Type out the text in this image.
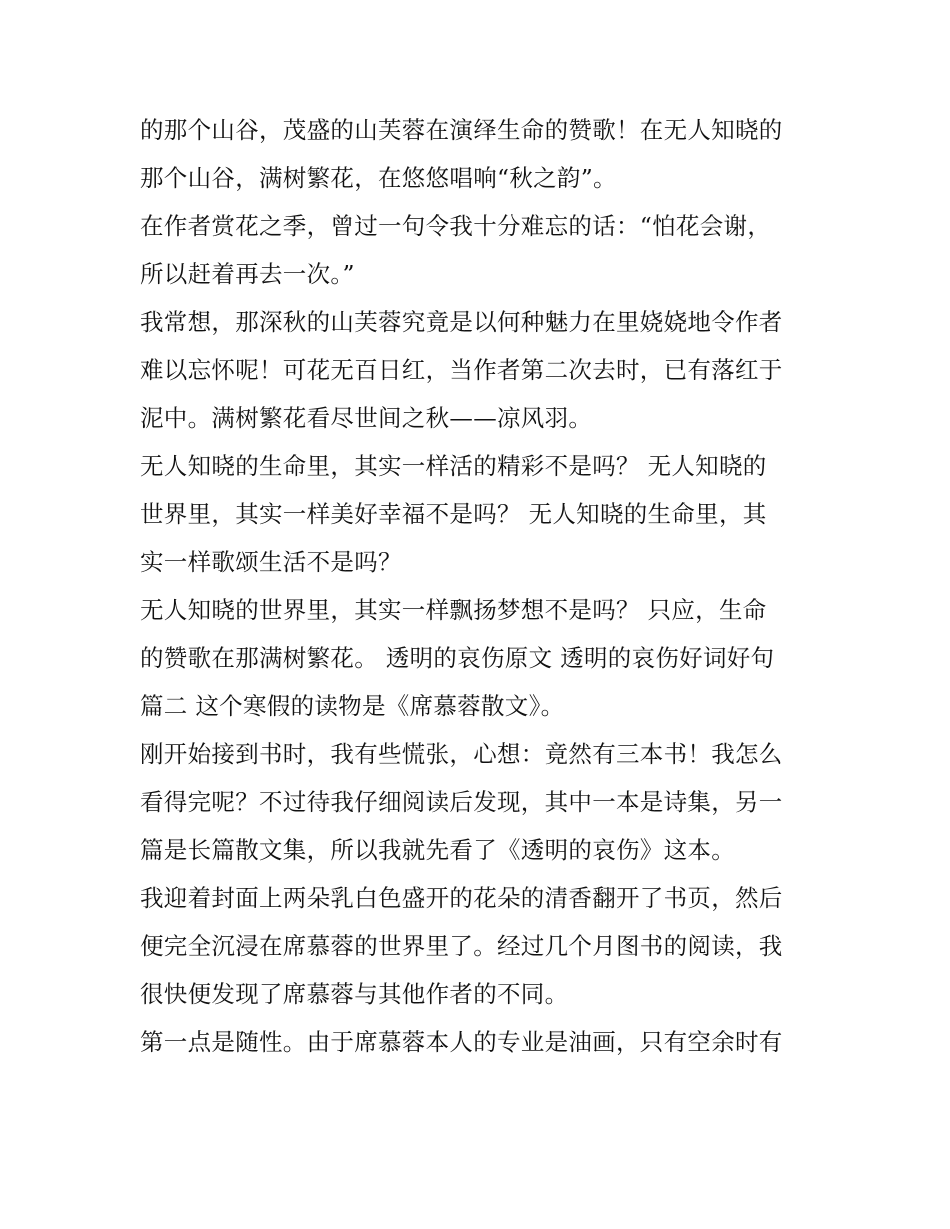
的那个山谷，茂盛的山芙蓉在演绎生命的赞歌！在无人知晓的
那个山谷，满树繁花，在悠悠唱响“秋之韵”。
在作者赏花之季，曾过一句令我十分难忘的话：“怕花会谢，
所以赶着再去一次。”
我常想，那深秋的山芙蓉究竟是以何种魅力在里娆娆地令作者
难以忘怀呢！可花无百日红，当作者第二次去时，已有落红于
泥中。满树繁花看尽世间之秋——凉风羽。
无人知晓的生命里，其实一样活的精彩不是吗？ 无人知晓的
世界里，其实一样美好幸福不是吗？ 无人知晓的生命里，其
实一样歌颂生活不是吗？
无人知晓的世界里，其实一样飘扬梦想不是吗？ 只应，生命
的赞歌在那满树繁花。 透明的哀伤原文 透明的哀伤好词好句
篇二 这个寒假的读物是《席慕蓉散文》。
刚开始接到书时，我有些慌张，心想：竟然有三本书！我怎么
看得完呢？不过待我仔细阅读后发现，其中一本是诗集，另一
篇是长篇散文集，所以我就先看了《透明的哀伤》这本。
我迎着封面上两朵乳白色盛开的花朵的清香翻开了书页，然后
便完全沉浸在席慕蓉的世界里了。经过几个月图书的阅读，我
很快便发现了席慕蓉与其他作者的不同。
第一点是随性。由于席慕蓉本人的专业是油画，只有空余时有
